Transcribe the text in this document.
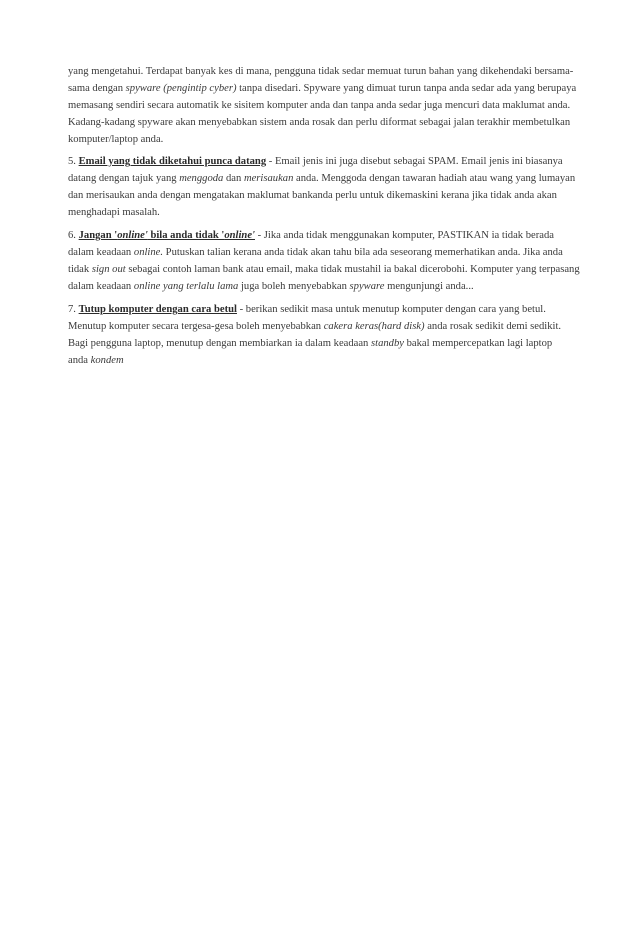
yang mengetahui. Terdapat banyak kes di mana, pengguna tidak sedar memuat turun bahan yang dikehendaki bersama-

sama dengan spyware (pengintip cyber) tanpa disedari. Spyware yang dimuat turun tanpa anda sedar ada yang berupaya

memasang sendiri secara automatik ke sisitem komputer anda dan tanpa anda sedar juga mencuri data maklumat anda.

Kadang-kadang spyware akan menyebabkan sistem anda rosak dan perlu diformat sebagai jalan terakhir membetulkan

komputer/laptop anda.

5. Email yang tidak diketahui punca datang - Email jenis ini juga disebut sebagai SPAM. Email jenis ini biasanya

datang dengan tajuk yang menggoda dan merisaukan anda. Menggoda dengan tawaran hadiah atau wang yang lumayan

dan merisaukan anda dengan mengatakan maklumat bankanda perlu untuk dikemaskini kerana jika tidak anda akan

menghadapi masalah.

6. Jangan 'online' bila anda tidak 'online' - Jika anda tidak menggunakan komputer, PASTIKAN ia tidak berada

dalam keadaan online. Putuskan talian kerana anda tidak akan tahu bila ada seseorang memerhatikan anda. Jika anda

tidak sign out sebagai contoh laman bank atau email, maka tidak mustahil ia bakal dicerobohi. Komputer yang terpasang

dalam keadaan online yang terlalu lama juga boleh menyebabkan spyware mengunjungi anda...

7. Tutup komputer dengan cara betul - berikan sedikit masa untuk menutup komputer dengan cara yang betul.

Menutup komputer secara tergesa-gesa boleh menyebabkan cakera keras(hard disk) anda rosak sedikit demi sedikit.

Bagi pengguna laptop, menutup dengan membiarkan ia dalam keadaan standby bakal mempercepatkan lagi laptop

anda kondem
